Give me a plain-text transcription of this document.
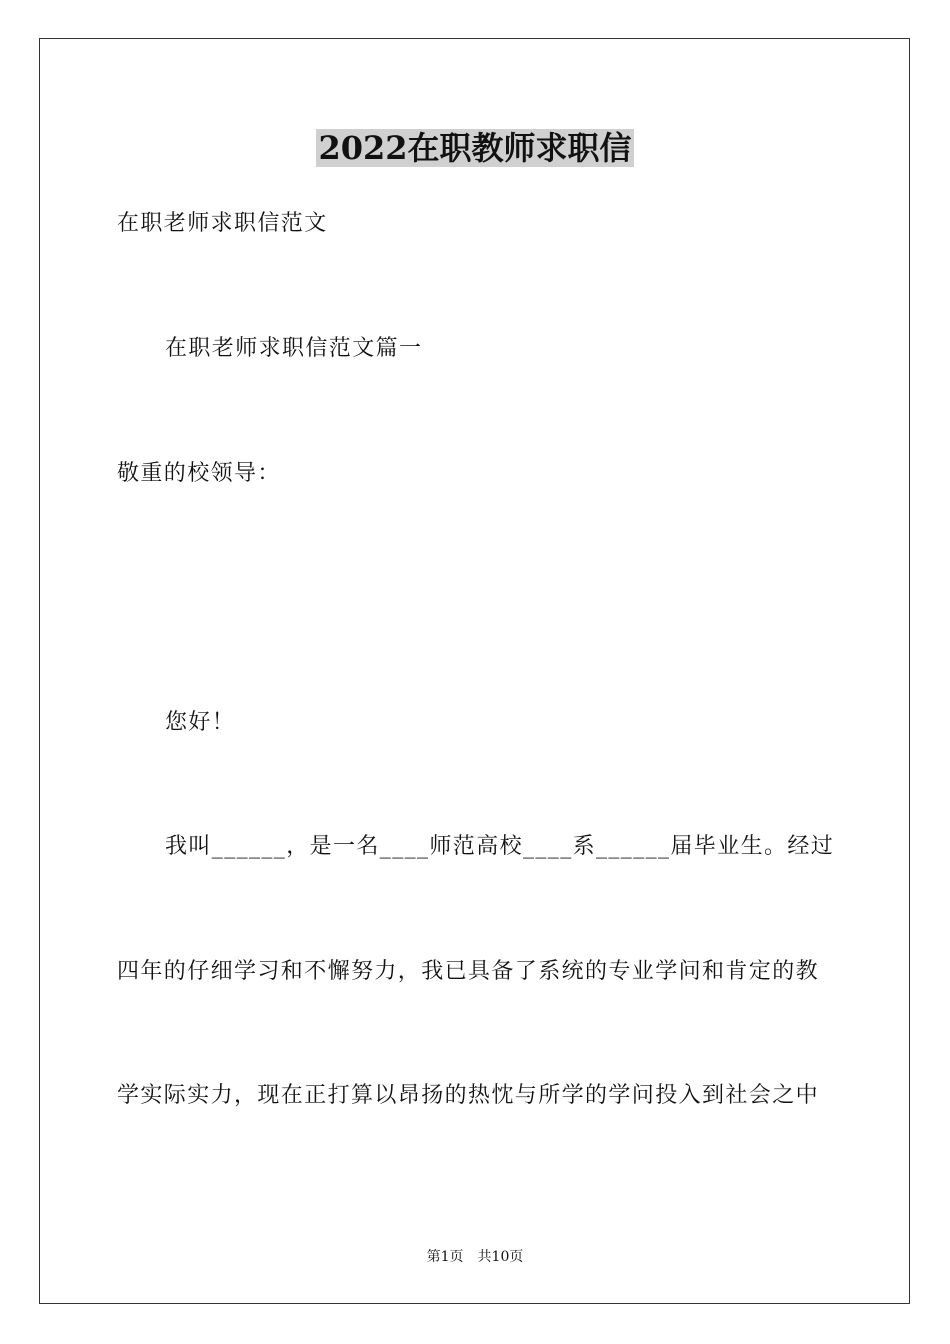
2022在职教师求职信
在职老师求职信范文
在职老师求职信范文篇一
敬重的校领导：
您好！
我叫______，是一名____师范高校____系______届毕业生。经过
四年的仔细学习和不懈努力，我已具备了系统的专业学问和肯定的教
学实际实力，现在正打算以昂扬的热忱与所学的学问投入到社会之中
第1页 共10页
